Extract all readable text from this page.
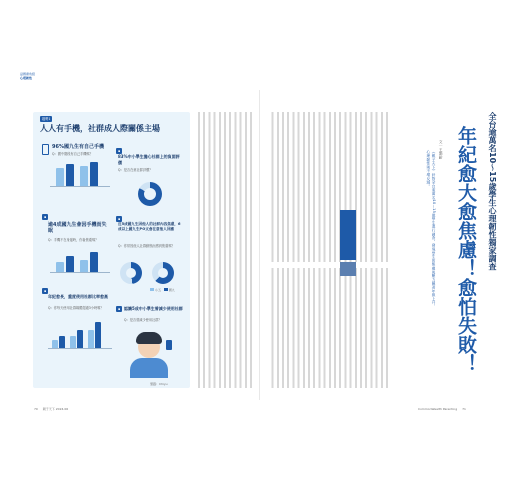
話題廣角鏡
心理韌性
趨勢1
人人有手機，社群成人際關係主場
96%國九生有自己手機
Q：國中階段有自己手機嗎？
▪
83%中小學生擔心社群上的負面評價
Q：是否在意社群評價？
▪
逾4成國九生會因手機而失眠
Q：手機不在身邊時，你會焦慮嗎？
▪
近5成國九生因他人的社群內容焦慮，6成以上國九生PO文會在意他人回應
Q：你常因他人社群動態而感到焦慮嗎？
小五	國九
▪
年紀愈長，重度使用社群比率愈高
Q：你每天使用社群媒體超過3小時嗎？	▪ 認識5成中小學生曾減少使用社群
Q：是否曾減少使用社群？
製圖：Chiyu
70 親子天下 2024.06
全台逾萬名10～15歲學生心理韌性獨家調查
年紀愈大愈焦慮！愈怕失敗！
《親子天下》針對全台逾萬名10～15歲學生進行調查，發現學生的焦慮與壓力隨著年級上升，心理韌性則不增反減。
文｜王韻齡
CommonWealth Parenting 71
